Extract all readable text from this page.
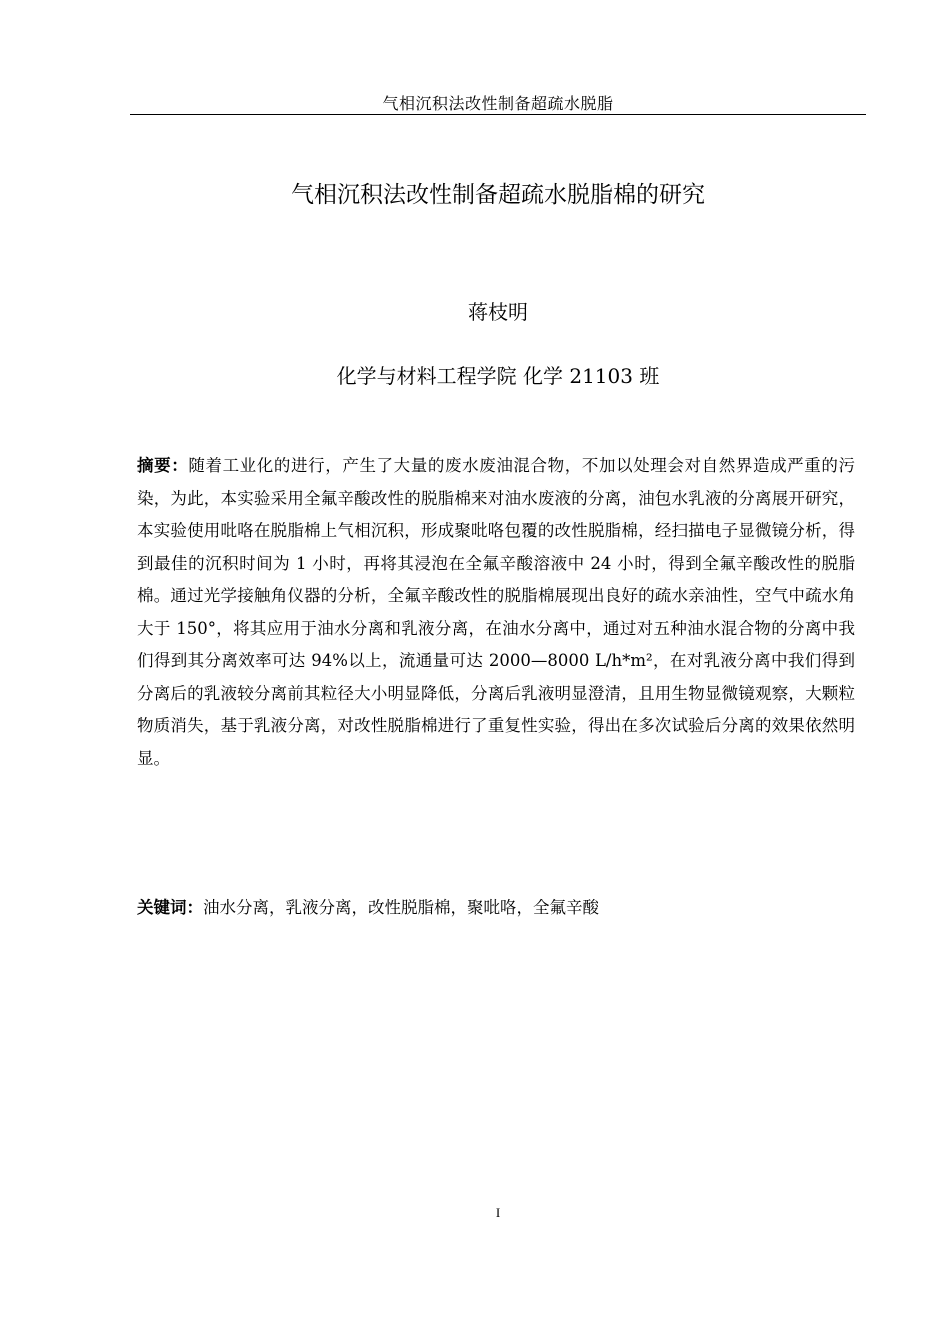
气相沉积法改性制备超疏水脱脂
气相沉积法改性制备超疏水脱脂棉的研究
蒋枝明
化学与材料工程学院 化学 21103 班

摘要：随着工业化的进行，产生了大量的废水废油混合物，不加以处理会对自然界造成严重的污染，为此，本实验采用全氟辛酸改性的脱脂棉来对油水废液的分离，油包水乳液的分离展开研究，本实验使用吡咯在脱脂棉上气相沉积，形成聚吡咯包覆的改性脱脂棉，经扫描电子显微镜分析，得到最佳的沉积时间为 1 小时，再将其浸泡在全氟辛酸溶液中 24 小时，得到全氟辛酸改性的脱脂棉。通过光学接触角仪器的分析，全氟辛酸改性的脱脂棉展现出良好的疏水亲油性，空气中疏水角大于 150°，将其应用于油水分离和乳液分离，在油水分离中，通过对五种油水混合物的分离中我们得到其分离效率可达 94%以上，流通量可达 2000—8000 L/h*m²，在对乳液分离中我们得到分离后的乳液较分离前其粒径大小明显降低，分离后乳液明显澄清，且用生物显微镜观察，大颗粒物质消失，基于乳液分离，对改性脱脂棉进行了重复性实验，得出在多次试验后分离的效果依然明显。

关键词：油水分离，乳液分离，改性脱脂棉，聚吡咯，全氟辛酸

I
